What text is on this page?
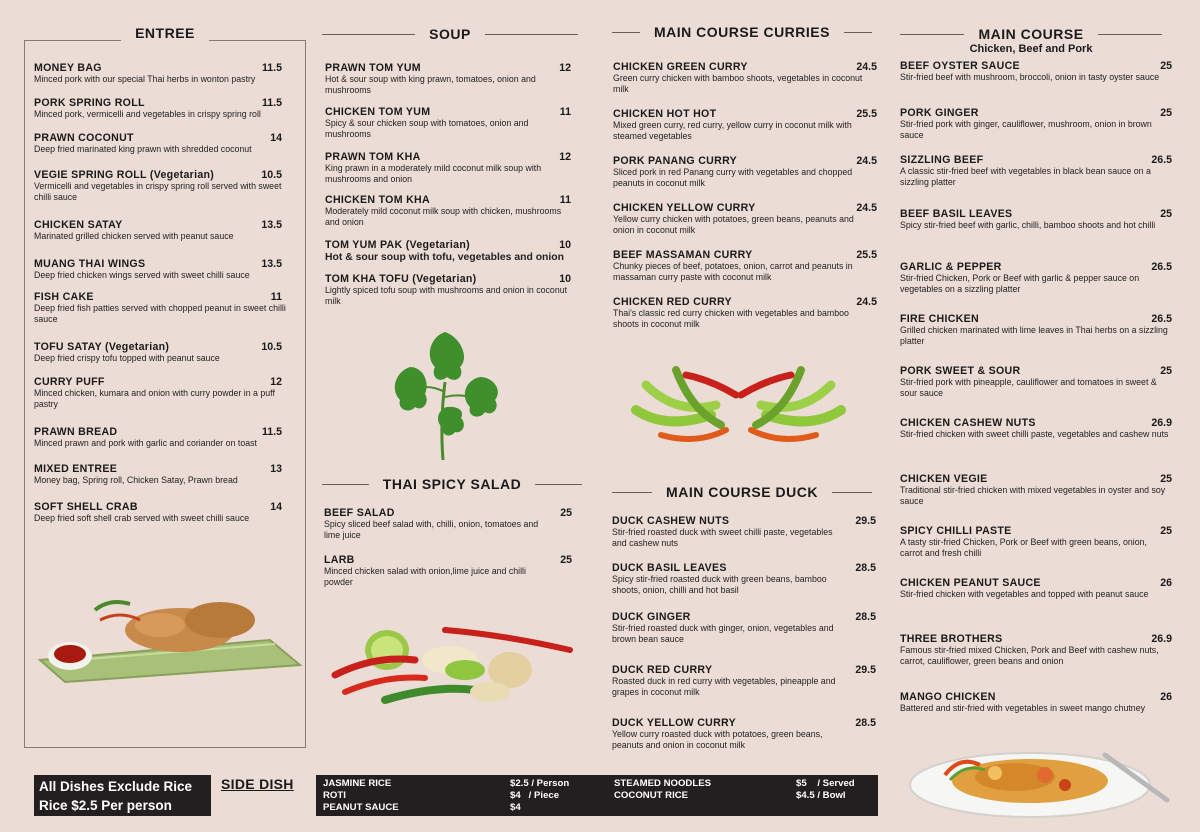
ENTREE
MONEY BAG	11.5
Minced pork with our special Thai herbs in wonton pastry
PORK SPRING ROLL	11.5
Minced pork, vermicelli and vegetables in crispy spring roll
PRAWN COCONUT	14
Deep fried marinated king prawn with shredded coconut
VEGIE SPRING ROLL (Vegetarian)	10.5
Vermicelli and vegetables in crispy spring roll served with sweet chilli sauce
CHICKEN SATAY	13.5
Marinated grilled chicken served with peanut sauce
MUANG THAI WINGS	13.5
Deep fried chicken wings served with sweet chilli sauce
FISH CAKE	11
Deep fried fish patties served with chopped peanut in sweet chilli sauce
TOFU SATAY (Vegetarian)	10.5
Deep fried crispy tofu topped with peanut sauce
CURRY PUFF	12
Minced chicken, kumara and onion with curry powder in a puff pastry
PRAWN BREAD	11.5
Minced prawn and pork with garlic and coriander on toast
MIXED ENTREE	13
Money bag, Spring roll, Chicken Satay, Prawn bread
SOFT SHELL CRAB	14
Deep fried soft shell crab served with sweet chilli sauce
SOUP
PRAWN TOM YUM	12
Hot & sour soup with king prawn, tomatoes, onion and mushrooms
CHICKEN TOM YUM	11
Spicy & sour chicken soup with tomatoes, onion and mushrooms
PRAWN TOM KHA	12
King prawn in a moderately mild coconut milk soup with mushrooms and onion
CHICKEN TOM KHA	11
Moderately mild coconut milk soup with chicken, mushrooms and onion
TOM YUM PAK (Vegetarian)	10
Hot & sour soup with tofu, vegetables and onion
TOM KHA TOFU (Vegetarian)	10
Lightly spiced tofu soup with mushrooms and onion in coconut milk
THAI SPICY SALAD
BEEF SALAD	25
Spicy sliced beef salad with, chilli, onion, tomatoes and lime juice
LARB	25
Minced chicken salad with onion,lime juice and chilli powder
MAIN COURSE CURRIES
CHICKEN GREEN CURRY	24.5
Green curry chicken with bamboo shoots, vegetables in coconut milk
CHICKEN HOT HOT	25.5
Mixed green curry, red curry, yellow curry in coconut milk with steamed vegetables
PORK PANANG CURRY	24.5
Sliced pork in red Panang curry with vegetables and chopped peanuts in coconut milk
CHICKEN YELLOW CURRY	24.5
Yellow curry chicken with potatoes, green beans, peanuts and onion in coconut milk
BEEF MASSAMAN CURRY	25.5
Chunky pieces of beef, potatoes, onion, carrot and peanuts in massaman curry paste with coconut milk
CHICKEN RED CURRY	24.5
Thai's classic red curry chicken with vegetables and bamboo shoots in coconut milk
MAIN COURSE DUCK
DUCK CASHEW NUTS	29.5
Stir-fried roasted duck with sweet chilli paste, vegetables and cashew nuts
DUCK BASIL LEAVES	28.5
Spicy stir-fried roasted duck with green beans, bamboo shoots, onion, chilli and hot basil
DUCK GINGER	28.5
Stir-fried roasted duck with ginger, onion, vegetables and brown bean sauce
DUCK RED CURRY	29.5
Roasted duck in red curry with vegetables, pineapple and grapes in coconut milk
DUCK YELLOW CURRY	28.5
Yellow curry roasted duck with potatoes, green beans, peanuts and onion in coconut milk
MAIN COURSE
Chicken, Beef and Pork
BEEF OYSTER SAUCE	25
Stir-fried beef with mushroom, broccoli, onion in tasty oyster sauce
PORK GINGER	25
Stir-fried pork with ginger, cauliflower, mushroom, onion in brown sauce
SIZZLING BEEF	26.5
A classic stir-fried beef with vegetables in black bean sauce on a sizzling platter
BEEF BASIL LEAVES	25
Spicy stir-fried beef with garlic, chilli, bamboo shoots and hot chilli
GARLIC & PEPPER	26.5
Stir-fried Chicken, Pork or Beef with garlic & pepper sauce on vegetables on a sizzling platter
FIRE CHICKEN	26.5
Grilled chicken marinated with lime leaves in Thai herbs on a sizzling platter
PORK SWEET & SOUR	25
Stir-fried pork with pineapple, cauliflower and tomatoes in sweet & sour sauce
CHICKEN CASHEW NUTS	26.9
Stir-fried chicken with sweet chilli paste, vegetables and cashew nuts
CHICKEN VEGIE	25
Traditional stir-fried chicken with mixed vegetables in oyster and soy sauce
SPICY CHILLI PASTE	25
A tasty stir-fried Chicken, Pork or Beef with green beans, onion, carrot and fresh chilli
CHICKEN PEANUT SAUCE	26
Stir-fried chicken with vegetables and topped with peanut sauce
THREE BROTHERS	26.9
Famous stir-fried mixed Chicken, Pork and Beef with cashew nuts, carrot, cauliflower, green beans and onion
MANGO CHICKEN	26
Battered and stir-fried with vegetables in sweet mango chutney
All Dishes Exclude Rice
Rice $2.5 Per person
SIDE DISH	JASMINE RICE	$2.5 / Person
ROTI	$4   / Piece
PEANUT SAUCE	$4
STEAMED NOODLES	$5    / Served
COCONUT RICE	$4.5 / Bowl
